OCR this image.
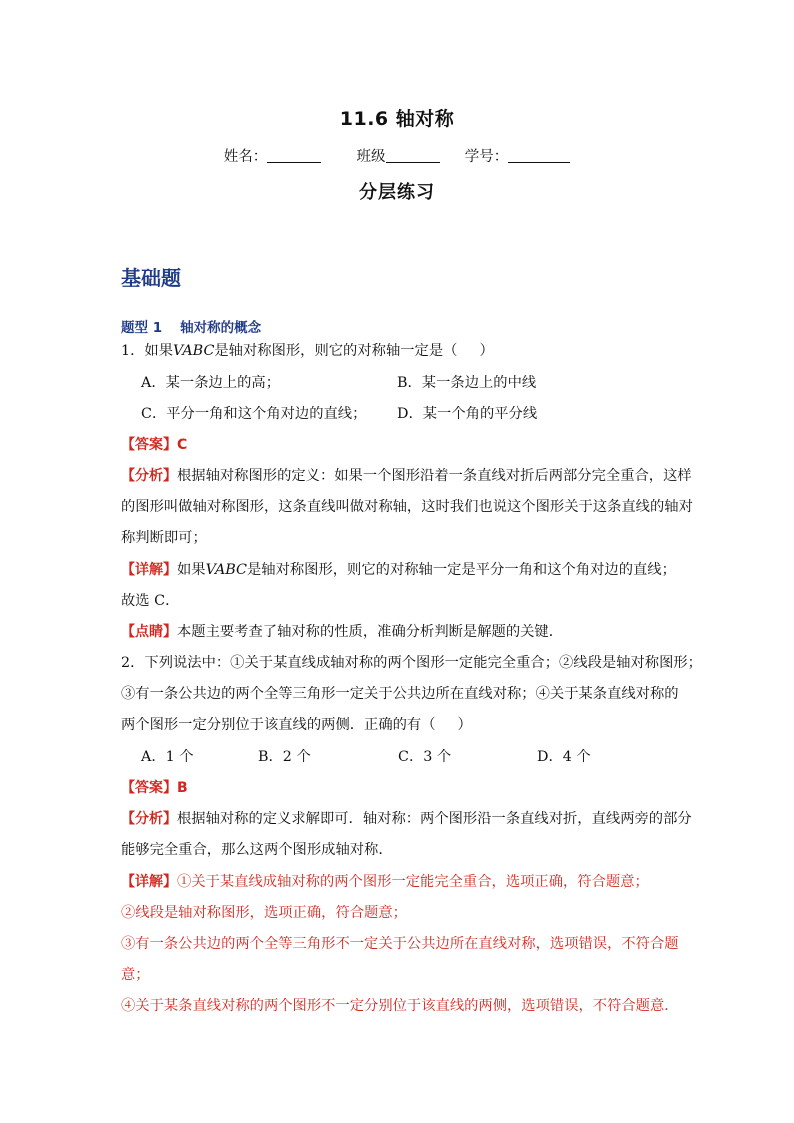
11.6 轴对称
姓名：	班级	学号：
分层练习
基础题
题型 1 轴对称的概念
1．如果VABC是轴对称图形，则它的对称轴一定是（ ）
A．某一条边上的高；	B．某一条边上的中线
C．平分一角和这个角对边的直线； D．某一个角的平分线
【答案】C
【分析】根据轴对称图形的定义：如果一个图形沿着一条直线对折后两部分完全重合，这样
的图形叫做轴对称图形，这条直线叫做对称轴，这时我们也说这个图形关于这条直线的轴对
称判断即可；
【详解】如果VABC是轴对称图形，则它的对称轴一定是平分一角和这个角对边的直线；
故选 C．
【点睛】本题主要考查了轴对称的性质，准确分析判断是解题的关键．
2．下列说法中：①关于某直线成轴对称的两个图形一定能完全重合；②线段是轴对称图形；
③有一条公共边的两个全等三角形一定关于公共边所在直线对称；④关于某条直线对称的
两个图形一定分别位于该直线的两侧．正确的有（ ）
A．1 个	B．2 个	C．3 个	D．4 个
【答案】B
【分析】根据轴对称的定义求解即可．轴对称：两个图形沿一条直线对折，直线两旁的部分
能够完全重合，那么这两个图形成轴对称．
【详解】①关于某直线成轴对称的两个图形一定能完全重合，选项正确，符合题意；
②线段是轴对称图形，选项正确，符合题意；
③有一条公共边的两个全等三角形不一定关于公共边所在直线对称，选项错误，不符合题
意；
④关于某条直线对称的两个图形不一定分别位于该直线的两侧，选项错误，不符合题意．
